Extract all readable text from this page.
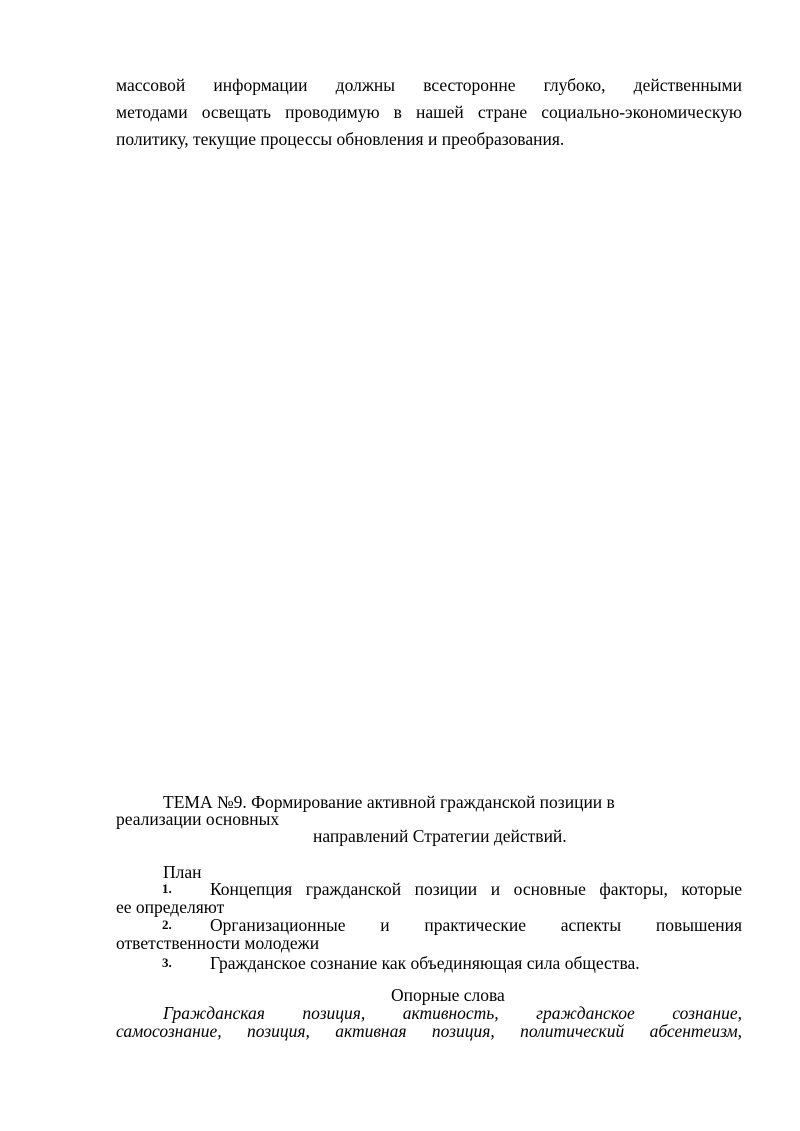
массовой информации должны всесторонне глубоко, действенными
методами освещать проводимую в нашей стране социально-экономическую
политику, текущие процессы обновления и преобразования.
ТЕМА №9. Формирование активной гражданской позиции в
реализации основных
направлений Стратегии действий.
План
1. Концепция гражданской позиции и основные факторы, которые
ее определяют
2. Организационные и практические аспекты повышения
ответственности молодежи
3. Гражданское сознание как объединяющая сила общества.
Опорные слова
Гражданская позиция, активность, гражданское сознание,
самосознание, позиция, активная позиция, политический абсентеизм,
